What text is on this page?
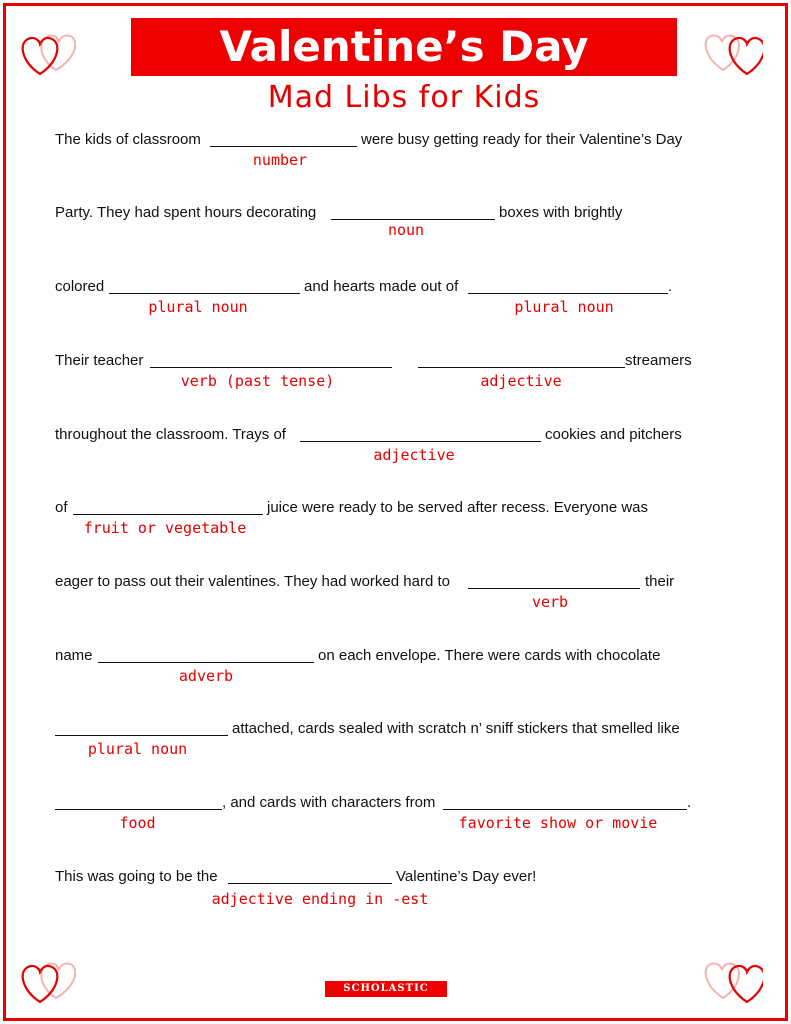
Valentine’s Day
Mad Libs for Kids
The kids of classroom	were busy getting ready for their Valentine’s Day
number
Party. They had spent hours decorating	boxes with brightly
noun
colored	and hearts made out of	.
plural noun	plural noun
Their teacher	streamers
verb (past tense)	adjective
throughout the classroom. Trays of	cookies and pitchers
adjective
of	juice were ready to be served after recess. Everyone was
fruit or vegetable
eager to pass out their valentines. They had worked hard to	their
verb
name	on each envelope. There were cards with chocolate
adverb
attached, cards sealed with scratch n’ sniff stickers that smelled like
plural noun
, and cards with characters from	.
food	favorite show or movie
This was going to be the	Valentine’s Day ever!
adjective ending in -est
SCHOLASTIC
